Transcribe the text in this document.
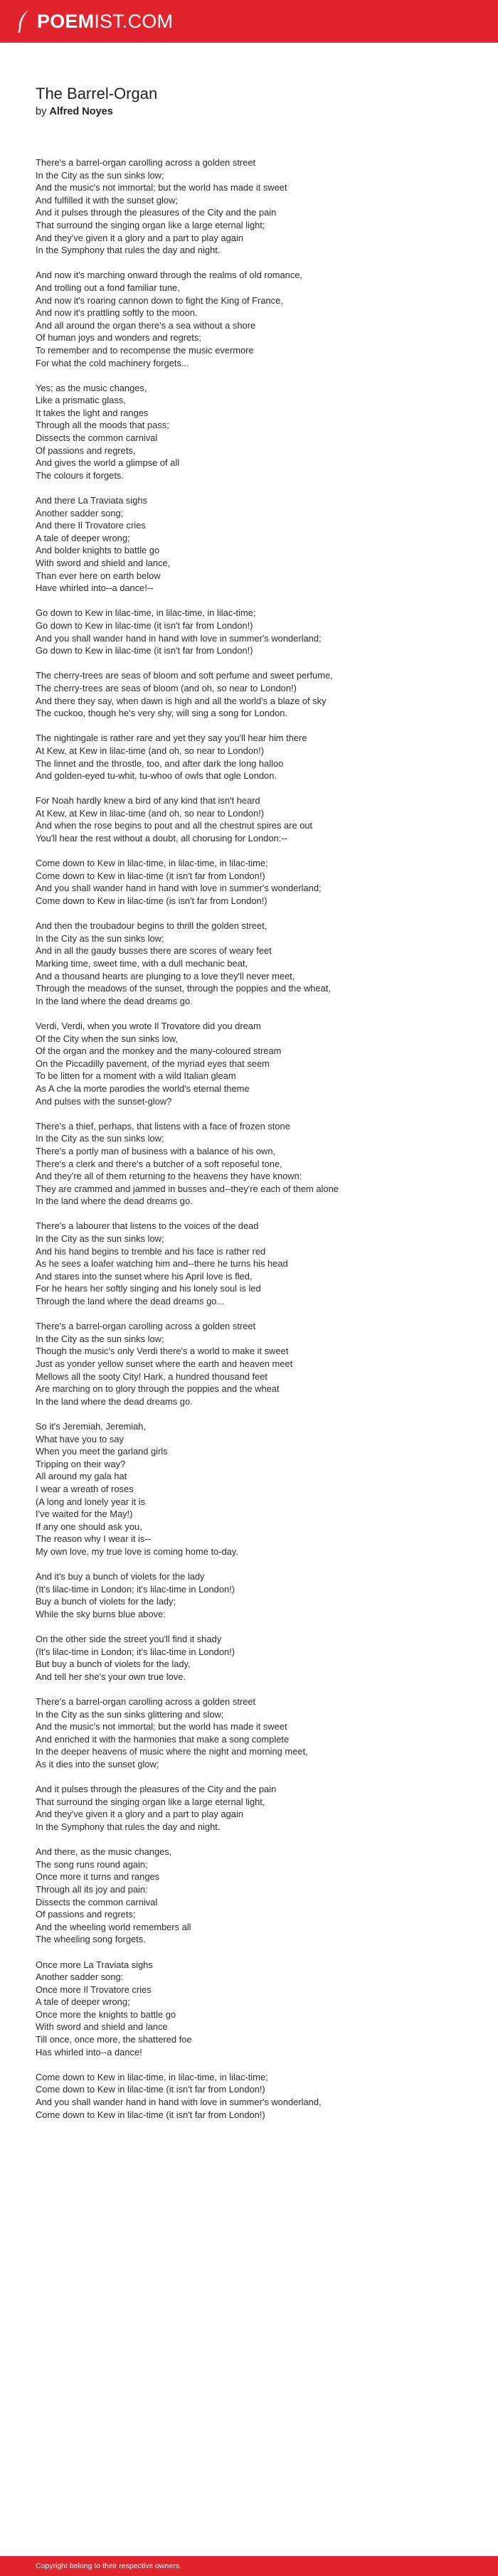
POEMIST.COM
The Barrel-Organ
by Alfred Noyes
There's a barrel-organ carolling across a golden street
In the City as the sun sinks low;
And the music's not immortal; but the world has made it sweet
And fulfilled it with the sunset glow;
And it pulses through the pleasures of the City and the pain
That surround the singing organ like a large eternal light;
And they've given it a glory and a part to play again
In the Symphony that rules the day and night.
And now it's marching onward through the realms of old romance,
And trolling out a fond familiar tune,
And now it's roaring cannon down to fight the King of France,
And now it's prattling softly to the moon.
And all around the organ there's a sea without a shore
Of human joys and wonders and regrets;
To remember and to recompense the music evermore
For what the cold machinery forgets...
Yes; as the music changes,
Like a prismatic glass,
It takes the light and ranges
Through all the moods that pass;
Dissects the common carnival
Of passions and regrets,
And gives the world a glimpse of all
The colours it forgets.
And there La Traviata sighs
Another sadder song;
And there Il Trovatore cries
A tale of deeper wrong;
And bolder knights to battle go
With sword and shield and lance,
Than ever here on earth below
Have whirled into--a dance!--
Go down to Kew in lilac-time, in lilac-time, in lilac-time;
Go down to Kew in lilac-time (it isn't far from London!)
And you shall wander hand in hand with love in summer's wonderland;
Go down to Kew in lilac-time (it isn't far from London!)
The cherry-trees are seas of bloom and soft perfume and sweet perfume,
The cherry-trees are seas of bloom (and oh, so near to London!)
And there they say, when dawn is high and all the world's a blaze of sky
The cuckoo, though he's very shy, will sing a song for London.
The nightingale is rather rare and yet they say you'll hear him there
At Kew, at Kew in lilac-time (and oh, so near to London!)
The linnet and the throstle, too, and after dark the long halloo
And golden-eyed tu-whit, tu-whoo of owls that ogle London.
For Noah hardly knew a bird of any kind that isn't heard
At Kew, at Kew in lilac-time (and oh, so near to London!)
And when the rose begins to pout and all the chestnut spires are out
You'll hear the rest without a doubt, all chorusing for London:--
Come down to Kew in lilac-time, in lilac-time, in lilac-time;
Come down to Kew in lilac-time (it isn't far from London!)
And you shall wander hand in hand with love in summer's wonderland;
Come down to Kew in lilac-time (is isn't far from London!)
And then the troubadour begins to thrill the golden street,
In the City as the sun sinks low;
And in all the gaudy busses there are scores of weary feet
Marking time, sweet time, with a dull mechanic beat,
And a thousand hearts are plunging to a love they'll never meet,
Through the meadows of the sunset, through the poppies and the wheat,
In the land where the dead dreams go.
Verdi, Verdi, when you wrote Il Trovatore did you dream
Of the City when the sun sinks low,
Of the organ and the monkey and the many-coloured stream
On the Piccadilly pavement, of the myriad eyes that seem
To be litten for a moment with a wild Italian gleam
As A che la morte parodies the world's eternal theme
And pulses with the sunset-glow?
There's a thief, perhaps, that listens with a face of frozen stone
In the City as the sun sinks low;
There's a portly man of business with a balance of his own,
There's a clerk and there's a butcher of a soft reposeful tone,
And they're all of them returning to the heavens they have known:
They are crammed and jammed in busses and--they're each of them alone
In the land where the dead dreams go.
There's a labourer that listens to the voices of the dead
In the City as the sun sinks low;
And his hand begins to tremble and his face is rather red
As he sees a loafer watching him and--there he turns his head
And stares into the sunset where his April love is fled,
For he hears her softly singing and his lonely soul is led
Through the land where the dead dreams go...
There's a barrel-organ carolling across a golden street
In the City as the sun sinks low;
Though the music's only Verdi there's a world to make it sweet
Just as yonder yellow sunset where the earth and heaven meet
Mellows all the sooty City! Hark, a hundred thousand feet
Are marching on to glory through the poppies and the wheat
In the land where the dead dreams go.
So it's Jeremiah, Jeremiah,
What have you to say
When you meet the garland girls
Tripping on their way?
All around my gala hat
I wear a wreath of roses
(A long and lonely year it is
I've waited for the May!)
If any one should ask you,
The reason why I wear it is--
My own love, my true love is coming home to-day.
And it's buy a bunch of violets for the lady
(It's lilac-time in London; it's lilac-time in London!)
Buy a bunch of violets for the lady;
While the sky burns blue above:
On the other side the street you'll find it shady
(It's lilac-time in London; it's lilac-time in London!)
But buy a bunch of violets for the lady,
And tell her she's your own true love.
There's a barrel-organ carolling across a golden street
In the City as the sun sinks glittering and slow;
And the music's not immortal; but the world has made it sweet
And enriched it with the harmonies that make a song complete
In the deeper heavens of music where the night and morning meet,
As it dies into the sunset glow;
And it pulses through the pleasures of the City and the pain
That surround the singing organ like a large eternal light,
And they've given it a glory and a part to play again
In the Symphony that rules the day and night.
And there, as the music changes,
The song runs round again;
Once more it turns and ranges
Through all its joy and pain:
Dissects the common carnival
Of passions and regrets;
And the wheeling world remembers all
The wheeling song forgets.
Once more La Traviata sighs
Another sadder song:
Once more Il Trovatore cries
A tale of deeper wrong;
Once more the knights to battle go
With sword and shield and lance
Till once, once more, the shattered foe
Has whirled into--a dance!
Come down to Kew in lilac-time, in lilac-time, in lilac-time;
Come down to Kew in lilac-time (it isn't far from London!)
And you shall wander hand in hand with love in summer's wonderland,
Come down to Kew in lilac-time (it isn't far from London!)
Copyright belong to their respective owners.
